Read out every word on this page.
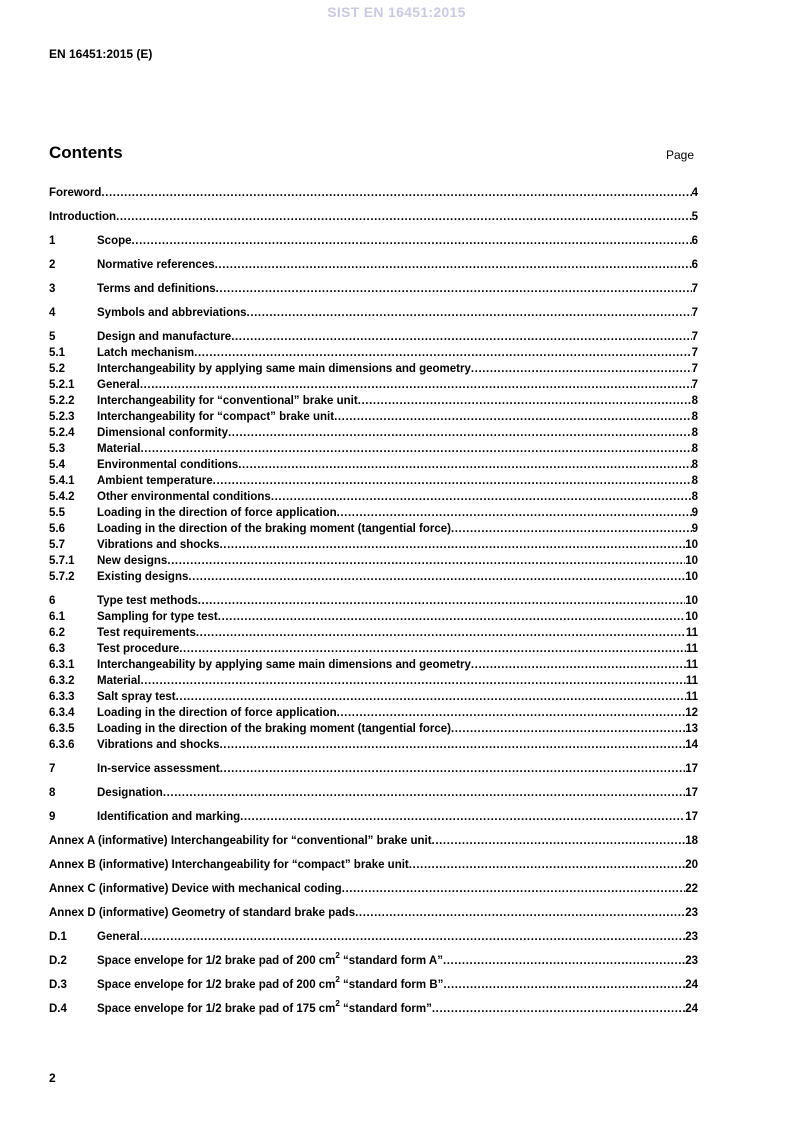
SIST EN 16451:2015
EN 16451:2015 (E)
Contents	Page
Foreword .....	4
Introduction .....	5
1	Scope .....	6
2	Normative references .....	6
3	Terms and definitions .....	7
4	Symbols and abbreviations .....	7
5	Design and manufacture .....	7
5.1	Latch mechanism .....	7
5.2	Interchangeability by applying same main dimensions and geometry .....	7
5.2.1 General .....	7
5.2.2 Interchangeability for “conventional” brake unit .....	8
5.2.3 Interchangeability for “compact” brake unit .....	8
5.2.4 Dimensional conformity .....	8
5.3	Material .....	8
5.4	Environmental conditions .....	8
5.4.1 Ambient temperature .....	8
5.4.2 Other environmental conditions .....	8
5.5	Loading in the direction of force application .....	9
5.6	Loading in the direction of the braking moment (tangential force) .....	9
5.7	Vibrations and shocks .....	10
5.7.1 New designs .....	10
5.7.2 Existing designs .....	10
6	Type test methods .....	10
6.1	Sampling for type test .....	10
6.2	Test requirements .....	11
6.3	Test procedure .....	11
6.3.1 Interchangeability by applying same main dimensions and geometry .....	11
6.3.2 Material .....	11
6.3.3 Salt spray test .....	11
6.3.4 Loading in the direction of force application .....	12
6.3.5 Loading in the direction of the braking moment (tangential force) .....	13
6.3.6 Vibrations and shocks .....	14
7	In-service assessment .....	17
8	Designation .....	17
9	Identification and marking .....	17
Annex A (informative) Interchangeability for “conventional” brake unit .....	18
Annex B (informative) Interchangeability for “compact” brake unit .....	20
Annex C (informative) Device with mechanical coding .....	22
Annex D (informative) Geometry of standard brake pads .....	23
D.1	General .....	23
D.2	Space envelope for 1/2 brake pad of 200 $cm^2$ “standard form A” .....	23
D.3	Space envelope for 1/2 brake pad of 200 $cm^2$ “standard form B” .....	24
D.4	Space envelope for 1/2 brake pad of 175 $cm^2$ “standard form” .....	24
2
